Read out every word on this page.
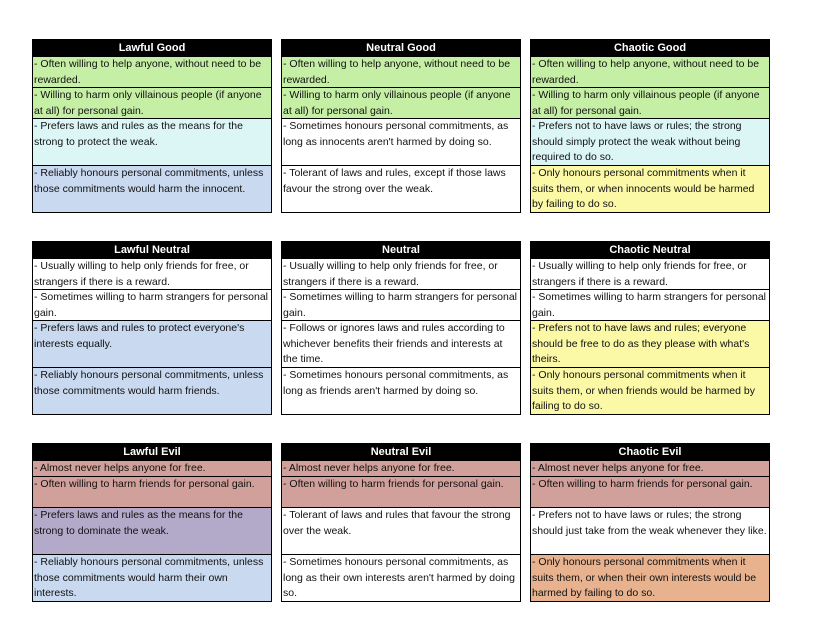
Lawful Good
- Often willing to help anyone, without need to be rewarded.
- Willing to harm only villainous people (if anyone at all) for personal gain.
- Prefers laws and rules as the means for the strong to protect the weak.
- Reliably honours personal commitments, unless those commitments would harm the innocent.
Neutral Good
- Often willing to help anyone, without need to be rewarded.
- Willing to harm only villainous people (if anyone at all) for personal gain.
- Sometimes honours personal commitments, as long as innocents aren't harmed by doing so.
- Tolerant of laws and rules, except if those laws favour the strong over the weak.
Chaotic Good
- Often willing to help anyone, without need to be rewarded.
- Willing to harm only villainous people (if anyone at all) for personal gain.
- Prefers not to have laws or rules; the strong should simply protect the weak without being required to do so.
- Only honours personal commitments when it suits them, or when innocents would be harmed by failing to do so.
Lawful Neutral
- Usually willing to help only friends for free, or strangers if there is a reward.
- Sometimes willing to harm strangers for personal gain.
- Prefers laws and rules to protect everyone's interests equally.
- Reliably honours personal commitments, unless those commitments would harm friends.
Neutral
- Usually willing to help only friends for free, or strangers if there is a reward.
- Sometimes willing to harm strangers for personal gain.
- Follows or ignores laws and rules according to whichever benefits their friends and interests at the time.
- Sometimes honours personal commitments, as long as friends aren't harmed by doing so.
Chaotic Neutral
- Usually willing to help only friends for free, or strangers if there is a reward.
- Sometimes willing to harm strangers for personal gain.
- Prefers not to have laws and rules; everyone should be free to do as they please with what's theirs.
- Only honours personal commitments when it suits them, or when friends would be harmed by failing to do so.
Lawful Evil
- Almost never helps anyone for free.
- Often willing to harm friends for personal gain.
- Prefers laws and rules as the means for the strong to dominate the weak.
- Reliably honours personal commitments, unless those commitments would harm their own interests.
Neutral Evil
- Almost never helps anyone for free.
- Often willing to harm friends for personal gain.
- Tolerant of laws and rules that favour the strong over the weak.
- Sometimes honours personal commitments, as long as their own interests aren't harmed by doing so.
Chaotic Evil
- Almost never helps anyone for free.
- Often willing to harm friends for personal gain.
- Prefers not to have laws or rules; the strong should just take from the weak whenever they like.
- Only honours personal commitments when it suits them, or when their own interests would be harmed by failing to do so.
